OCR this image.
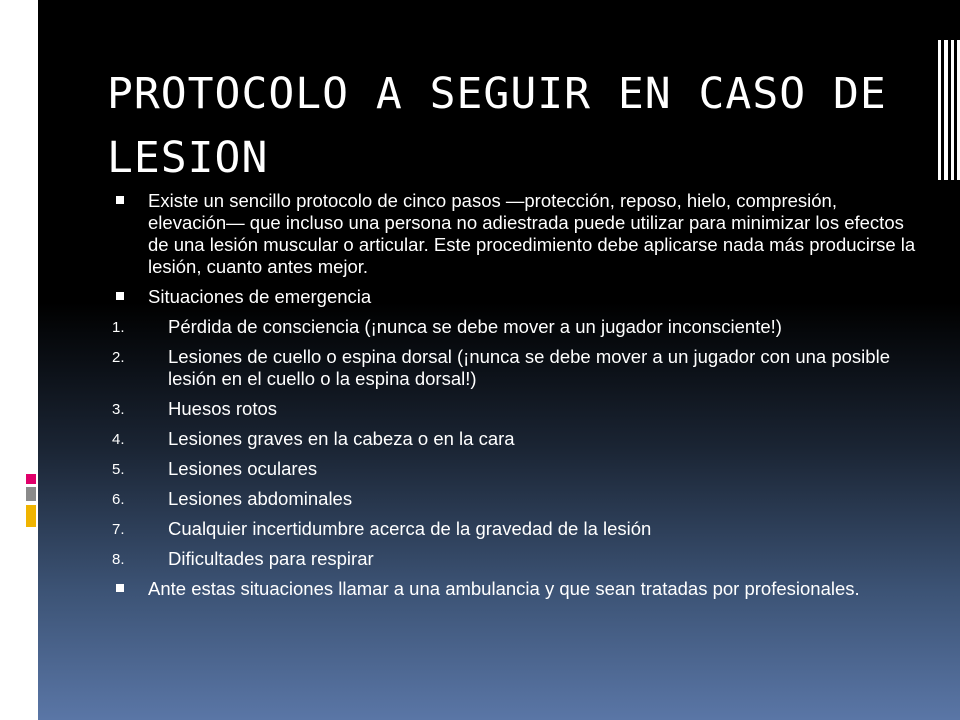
PROTOCOLO A SEGUIR EN CASO DE LESION
Existe un sencillo protocolo de cinco pasos —protección, reposo, hielo, compresión, elevación— que incluso una persona no adiestrada puede utilizar para minimizar los efectos de una lesión muscular o articular. Este procedimiento debe aplicarse nada más producirse la lesión, cuanto antes mejor.
Situaciones de emergencia
1. Pérdida de consciencia (¡nunca se debe mover a un jugador inconsciente!)
2. Lesiones de cuello o espina dorsal (¡nunca se debe mover a un jugador con una posible lesión en el cuello o la espina dorsal!)
3. Huesos rotos
4. Lesiones graves en la cabeza o en la cara
5. Lesiones oculares
6. Lesiones abdominales
7. Cualquier incertidumbre acerca de la gravedad de la lesión
8. Dificultades para respirar
Ante estas situaciones llamar a una ambulancia y que sean tratadas por profesionales.
